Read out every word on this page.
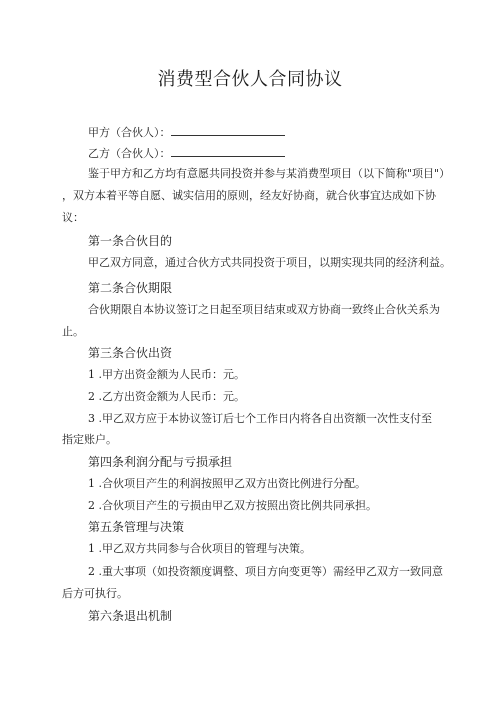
消费型合伙人合同协议
甲方（合伙人）：
乙方（合伙人）：
鉴于甲方和乙方均有意愿共同投资并参与某消费型项目（以下简称"项目"）
，双方本着平等自愿、诚实信用的原则，经友好协商，就合伙事宜达成如下协
议：
第一条合伙目的
甲乙双方同意，通过合伙方式共同投资于项目，以期实现共同的经济利益。
第二条合伙期限
合伙期限自本协议签订之日起至项目结束或双方协商一致终止合伙关系为
止。
第三条合伙出资
1 .甲方出资金额为人民币：元。
2 .乙方出资金额为人民币：元。
3 .甲乙双方应于本协议签订后七个工作日内将各自出资额一次性支付至
指定账户。
第四条利润分配与亏损承担
1 .合伙项目产生的利润按照甲乙双方出资比例进行分配。
2 .合伙项目产生的亏损由甲乙双方按照出资比例共同承担。
第五条管理与决策
1 .甲乙双方共同参与合伙项目的管理与决策。
2 .重大事项（如投资额度调整、项目方向变更等）需经甲乙双方一致同意
后方可执行。
第六条退出机制
